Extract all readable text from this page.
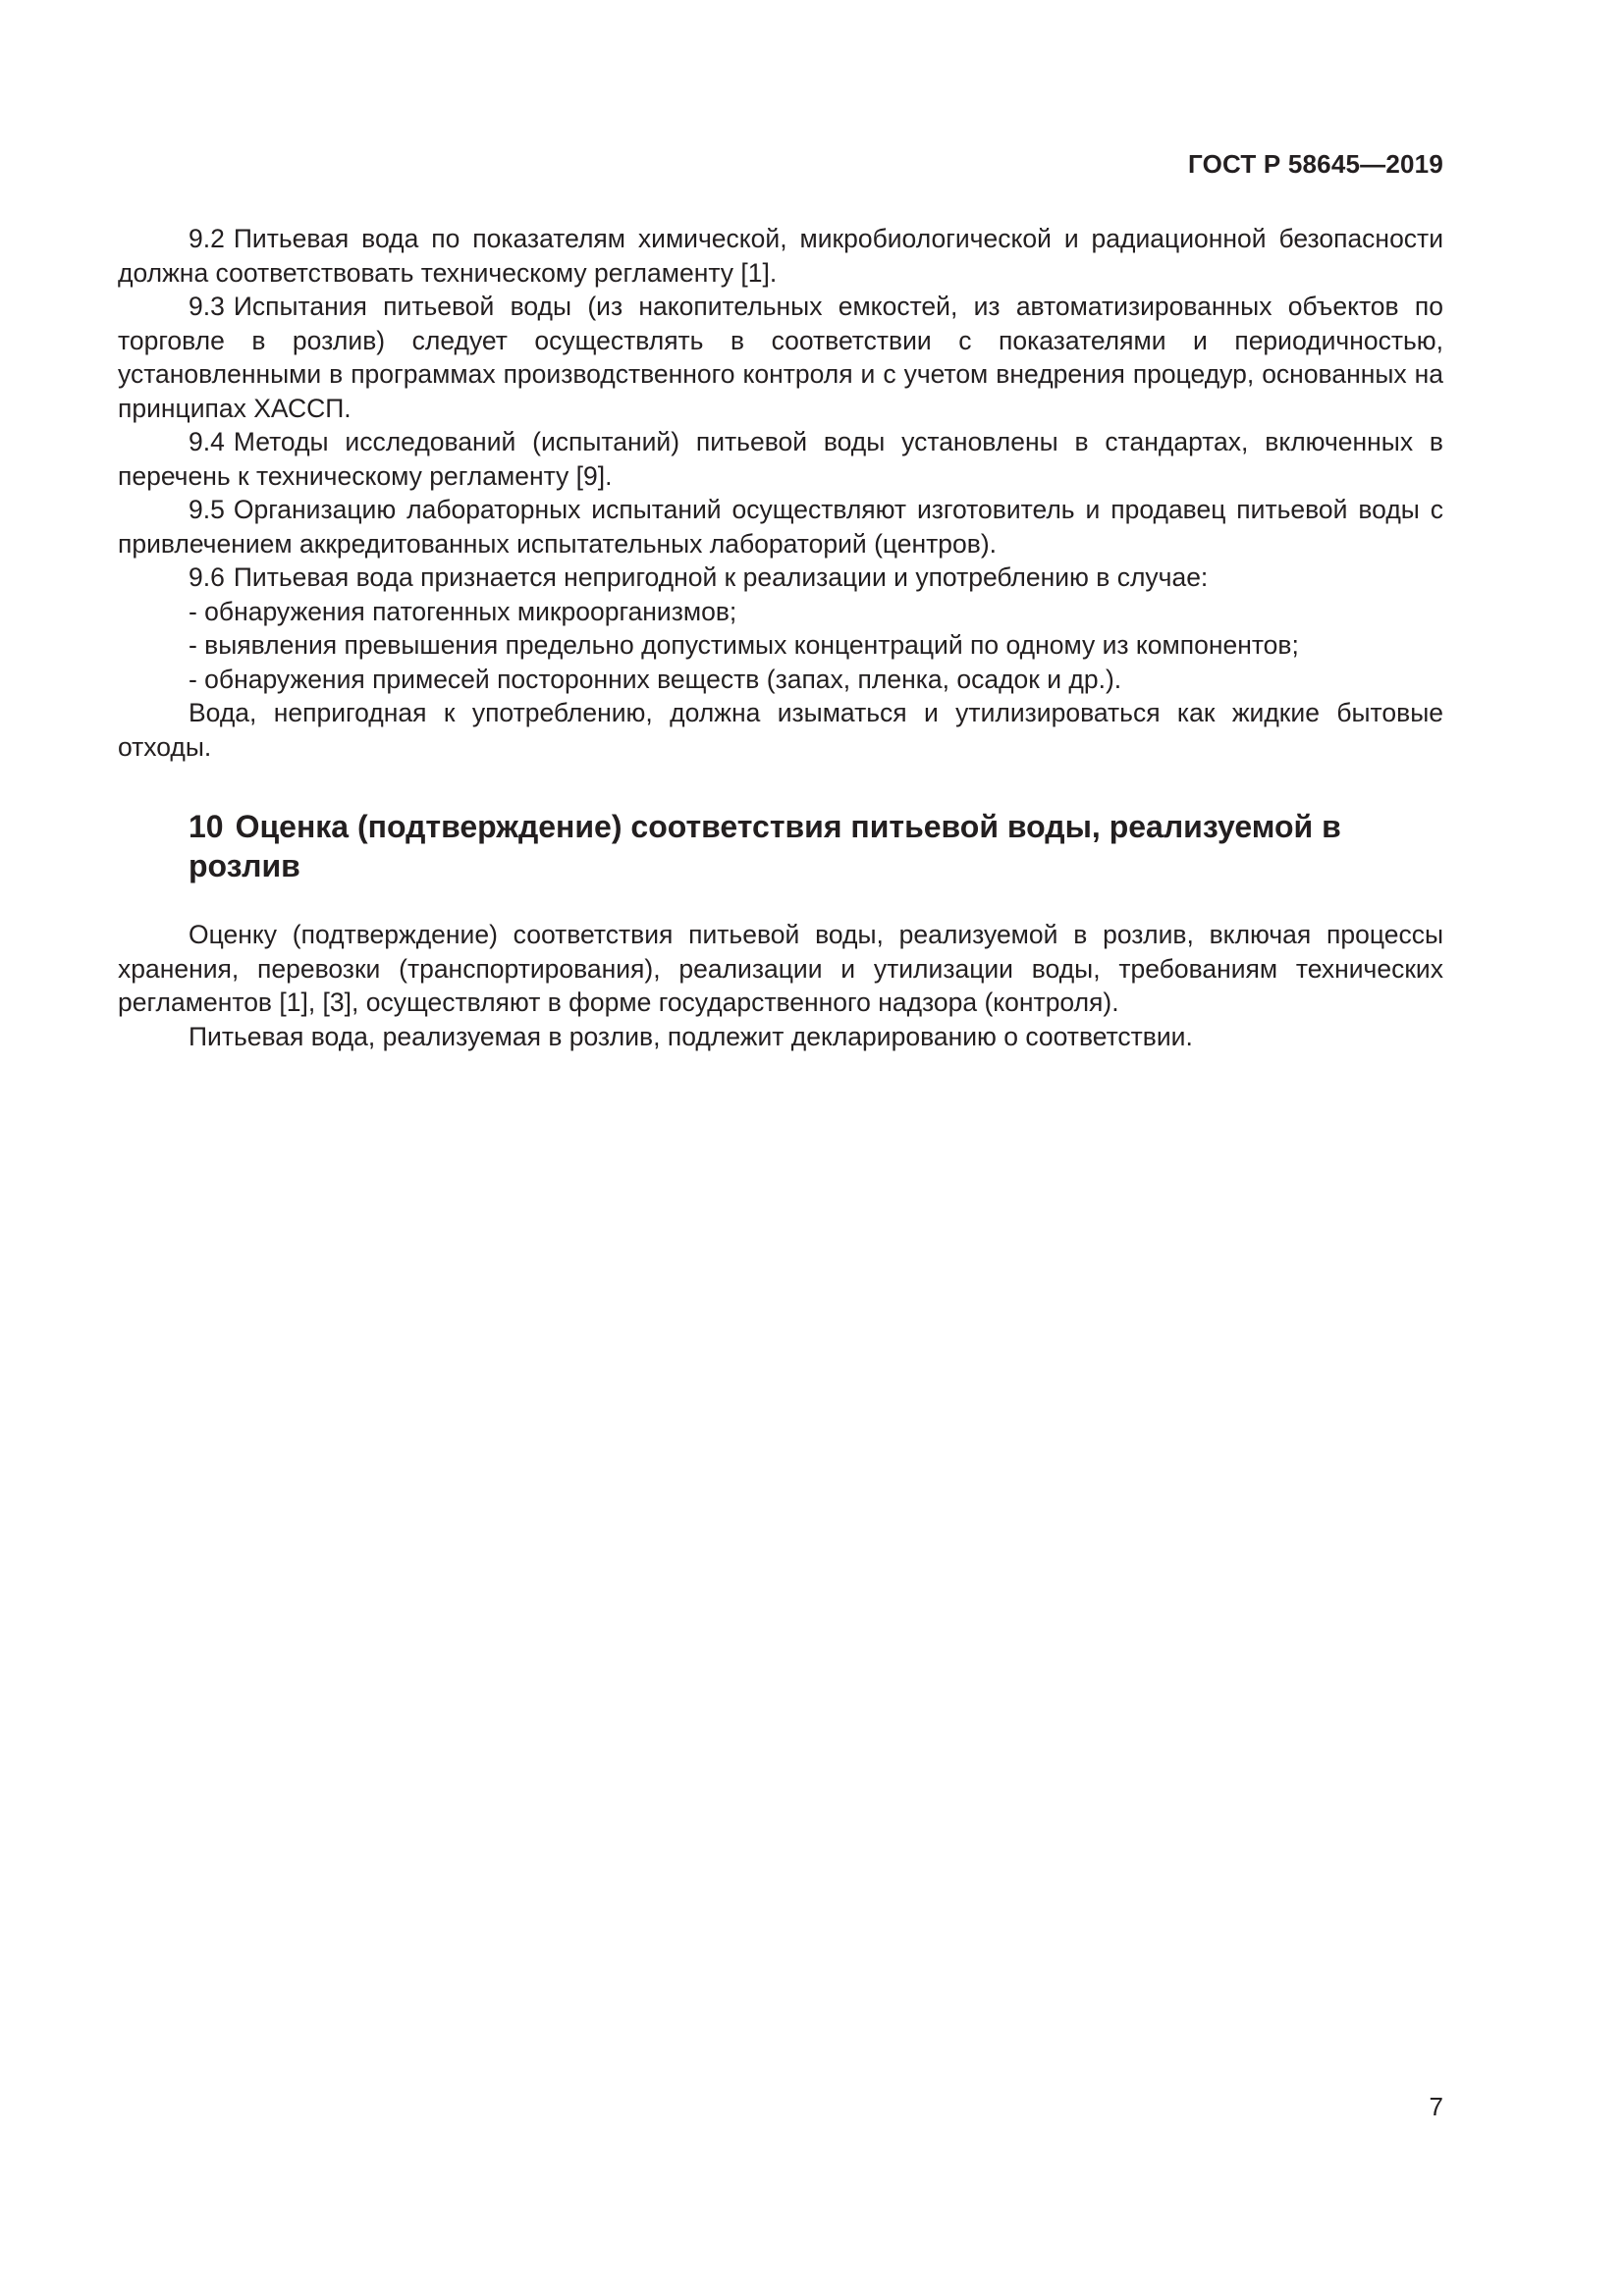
ГОСТ Р 58645—2019

9.2 Питьевая вода по показателям химической, микробиологической и радиационной безопасности должна соответствовать техническому регламенту [1].

9.3 Испытания питьевой воды (из накопительных емкостей, из автоматизированных объектов по торговле в розлив) следует осуществлять в соответствии с показателями и периодичностью, установленными в программах производственного контроля и с учетом внедрения процедур, основанных на принципах ХАССП.

9.4 Методы исследований (испытаний) питьевой воды установлены в стандартах, включенных в перечень к техническому регламенту [9].

9.5 Организацию лабораторных испытаний осуществляют изготовитель и продавец питьевой воды с привлечением аккредитованных испытательных лабораторий (центров).

9.6 Питьевая вода признается непригодной к реализации и употреблению в случае:

- обнаружения патогенных микроорганизмов;
- выявления превышения предельно допустимых концентраций по одному из компонентов;
- обнаружения примесей посторонних веществ (запах, пленка, осадок и др.).

Вода, непригодная к употреблению, должна изыматься и утилизироваться как жидкие бытовые отходы.

10 Оценка (подтверждение) соответствия питьевой воды, реализуемой в розлив

Оценку (подтверждение) соответствия питьевой воды, реализуемой в розлив, включая процессы хранения, перевозки (транспортирования), реализации и утилизации воды, требованиям технических регламентов [1], [3], осуществляют в форме государственного надзора (контроля).

Питьевая вода, реализуемая в розлив, подлежит декларированию о соответствии.

7
